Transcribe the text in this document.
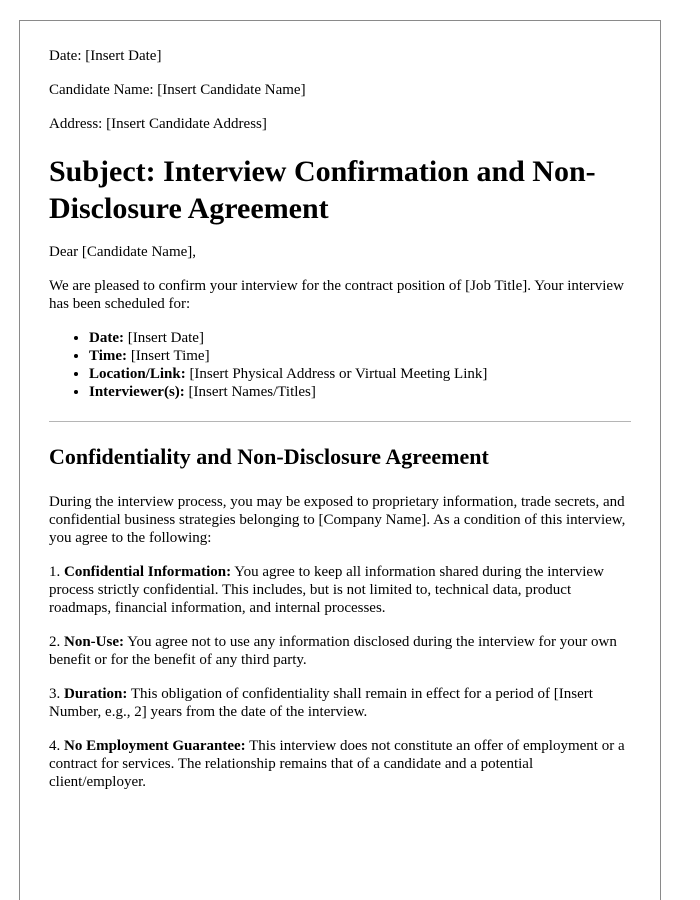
Date: [Insert Date]
Candidate Name: [Insert Candidate Name]
Address: [Insert Candidate Address]
Subject: Interview Confirmation and Non-Disclosure Agreement

Dear [Candidate Name],

We are pleased to confirm your interview for the contract position of [Job Title]. Your interview has been scheduled for:

• Date: [Insert Date]
• Time: [Insert Time]
• Location/Link: [Insert Physical Address or Virtual Meeting Link]
• Interviewer(s): [Insert Names/Titles]
Confidentiality and Non-Disclosure Agreement

During the interview process, you may be exposed to proprietary information, trade secrets, and confidential business strategies belonging to [Company Name]. As a condition of this interview, you agree to the following:

1. Confidential Information: You agree to keep all information shared during the interview process strictly confidential. This includes, but is not limited to, technical data, product roadmaps, financial information, and internal processes.

2. Non-Use: You agree not to use any information disclosed during the interview for your own benefit or for the benefit of any third party.

3. Duration: This obligation of confidentiality shall remain in effect for a period of [Insert Number, e.g., 2] years from the date of the interview.

4. No Employment Guarantee: This interview does not constitute an offer of employment or a contract for services. The relationship remains that of a candidate and a potential client/employer.
